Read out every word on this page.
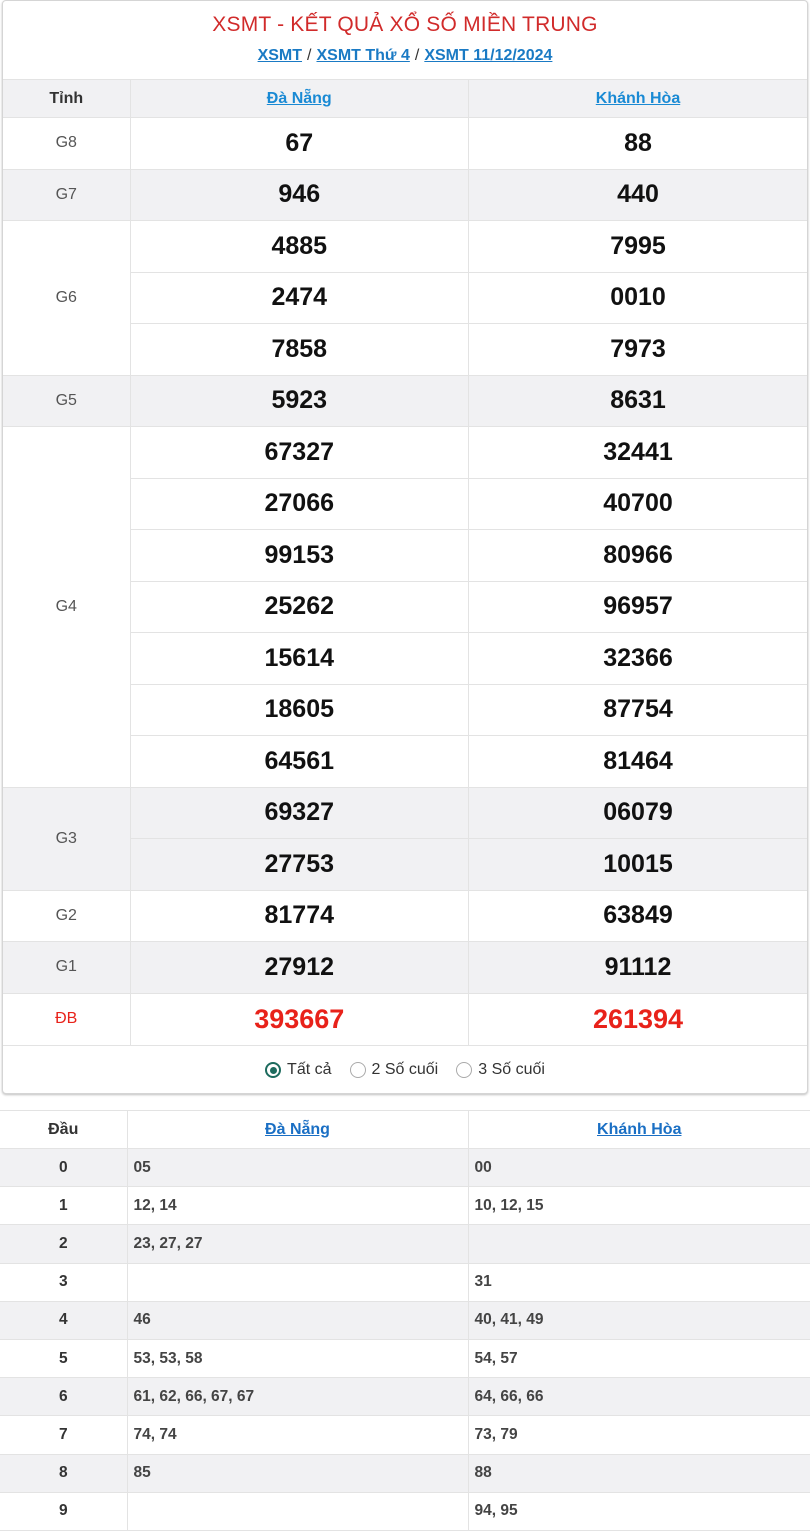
XSMT - KẾT QUẢ XỔ SỐ MIỀN TRUNG
XSMT / XSMT Thứ 4 / XSMT 11/12/2024
Tỉnh	Đà Nẵng	Khánh Hòa
G8	67	88
G7	946	440
G6	4885	7995
	2474	0010
	7858	7973
G5	5923	8631
G4	67327	32441
	27066	40700
	99153	80966
	25262	96957
	15614	32366
	18605	87754
	64561	81464
G3	69327	06079
	27753	10015
G2	81774	63849
G1	27912	91112
ĐB	393667	261394
Tất cả	2 Số cuối	3 Số cuối
Đầu	Đà Nẵng	Khánh Hòa
0	05	00
1	12, 14	10, 12, 15
2	23, 27, 27	
3		31
4	46	40, 41, 49
5	53, 53, 58	54, 57
6	61, 62, 66, 67, 67	64, 66, 66
7	74, 74	73, 79
8	85	88
9		94, 95
